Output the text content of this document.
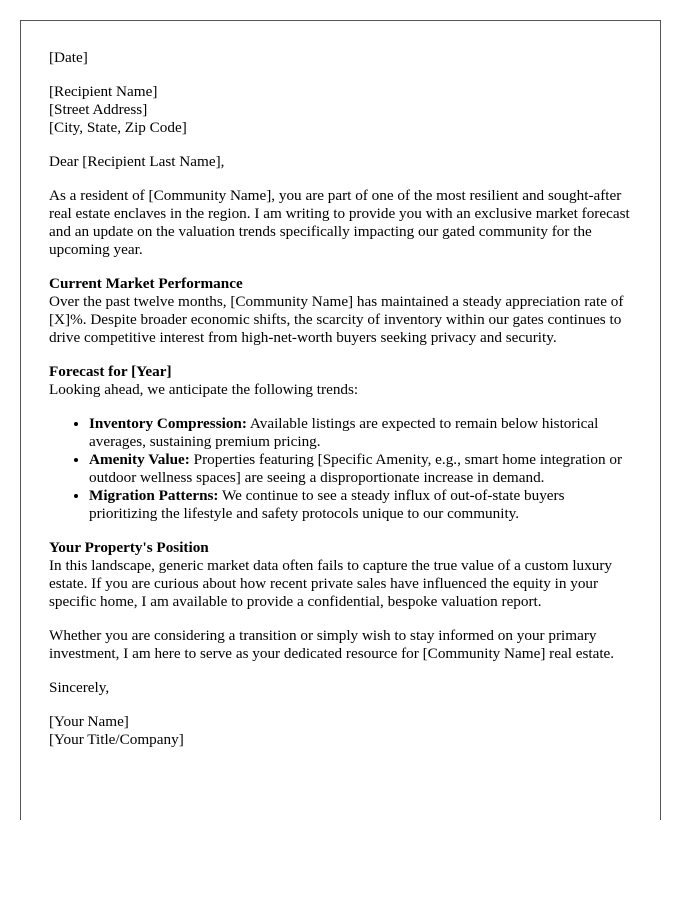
[Date]

[Recipient Name]
[Street Address]
[City, State, Zip Code]

Dear [Recipient Last Name],

As a resident of [Community Name], you are part of one of the most resilient and sought-after real estate enclaves in the region. I am writing to provide you with an exclusive market forecast and an update on the valuation trends specifically impacting our gated community for the upcoming year.

Current Market Performance
Over the past twelve months, [Community Name] has maintained a steady appreciation rate of [X]%. Despite broader economic shifts, the scarcity of inventory within our gates continues to drive competitive interest from high-net-worth buyers seeking privacy and security.

Forecast for [Year]
Looking ahead, we anticipate the following trends:

• Inventory Compression: Available listings are expected to remain below historical averages, sustaining premium pricing.
• Amenity Value: Properties featuring [Specific Amenity, e.g., smart home integration or outdoor wellness spaces] are seeing a disproportionate increase in demand.
• Migration Patterns: We continue to see a steady influx of out-of-state buyers prioritizing the lifestyle and safety protocols unique to our community.

Your Property's Position
In this landscape, generic market data often fails to capture the true value of a custom luxury estate. If you are curious about how recent private sales have influenced the equity in your specific home, I am available to provide a confidential, bespoke valuation report.

Whether you are considering a transition or simply wish to stay informed on your primary investment, I am here to serve as your dedicated resource for [Community Name] real estate.

Sincerely,

[Your Name]
[Your Title/Company]
